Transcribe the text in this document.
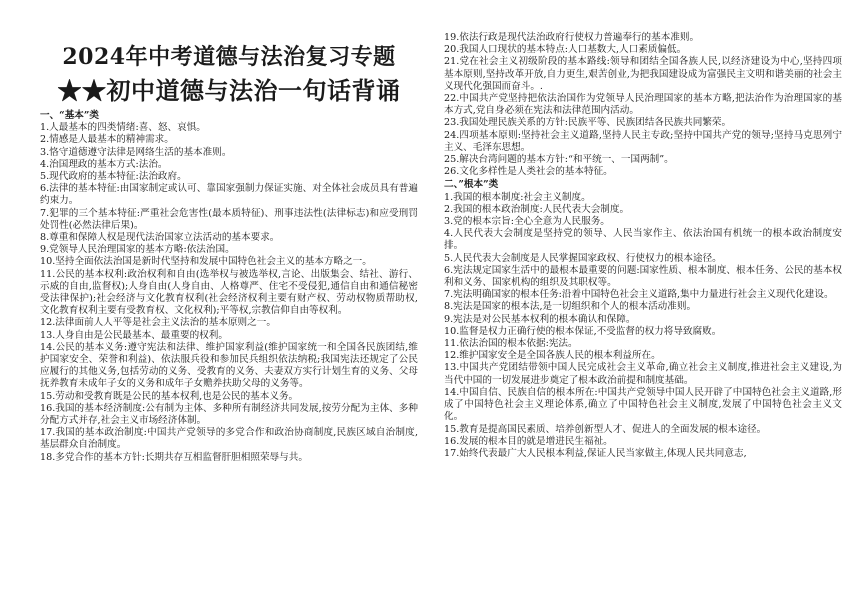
2024年中考道德与法治复习专题
★★初中道德与法治一句话背诵

一、“基本”类

1.人最基本的四类情绪:喜、怒、哀惧。

2.情感是人最基本的精神需求。

3.恪守道德遵守法律是网络生活的基本准则。

4.治国理政的基本方式:法治。

5.现代政府的基本特征:法治政府。

6.法律的基本特征:由国家制定或认可、靠国家强制力保证实施、对全体社会成员具有普遍约束力。

7.犯罪的三个基本特征:严重社会危害性(最本质特征)、刑事违法性(法律标志)和应受刑罚处罚性(必然法律后果)。

8.尊重和保障人权是现代法治国家立法活动的基本要求。

9.党领导人民治理国家的基本方略:依法治国。

10.坚持全面依法治国是新时代坚持和发展中国特色社会主义的基本方略之一。

11.公民的基本权利:政治权利和自由(选举权与被选举权,言论、出版集会、结社、游行、示威的自由,监督权);人身自由(人身自由、人格尊严、住宅不受侵犯,通信自由和通信秘密受法律保护);社会经济与文化教育权利(社会经济权利主要有财产权、劳动权物质帮助权,文化教育权利主要有受教育权、文化权利);平等权,宗教信仰自由等权利。

12.法律面前人人平等是社会主义法治的基本原则之一。

13.人身自由是公民最基本、最重要的权利。

14.公民的基本义务:遵守宪法和法律、维护国家利益(维护国家统一和全国各民族团结,维护国家安全、荣誉和利益)、依法服兵役和参加民兵组织依法纳税;我国宪法还规定了公民应履行的其他义务,包括劳动的义务、受教育的义务、夫妻双方实行计划生育的义务、父母抚养教育未成年子女的义务和成年子女赡养扶助父母的义务等。

15.劳动和受教育既是公民的基本权利,也是公民的基本义务。

16.我国的基本经济制度:公有制为主体、多种所有制经济共同发展,按劳分配为主体、多种分配方式并存,社会主义市场经济体制。

17.我国的基本政治制度:中国共产党领导的多党合作和政治协商制度,民族区域自治制度,基层群众自治制度。

18.多党合作的基本方针:长期共存互相监督肝胆相照荣辱与共。

19.依法行政是现代法治政府行使权力普遍奉行的基本准则。

20.我国人口现状的基本特点:人口基数大,人口素质偏低。

21.党在社会主义初级阶段的基本路线:领导和团结全国各族人民,以经济建设为中心,坚持四项基本原则,坚持改革开放,自力更生,艰苦创业,为把我国建设成为富强民主文明和谐美丽的社会主义现代化强国而奋斗。.

22.中国共产党坚持把依法治国作为党领导人民治理国家的基本方略,把法治作为治理国家的基本方式,党自身必须在宪法和法律范围内活动。

23.我国处理民族关系的方针:民族平等、民族团结各民族共同繁荣。

24.四项基本原则:坚持社会主义道路,坚持人民主专政;坚持中国共产党的领导;坚持马克思列宁主义、毛泽东思想。

25.解决台湾问题的基本方针:“和平统一、一国两制”。

26.文化多样性是人类社会的基本特征。

二、”根本”类

1.我国的根本制度:社会主义制度。

2.我国的根本政治制度:人民代表大会制度。

3.党的根本宗旨:全心全意为人民服务。

4.人民代表大会制度是坚持党的领导、人民当家作主、依法治国有机统一的根本政治制度安排。

5.人民代表大会制度是人民掌握国家政权、行使权力的根本途径。

6.宪法规定国家生活中的最根本最重要的问题:国家性质、根本制度、根本任务、公民的基本权利和义务、国家机构的组织及其职权等。

7.宪法明确国家的根本任务:沿着中国特色社会主义道路,集中力量进行社会主义现代化建设。

8.宪法是国家的根本法,是一切组织和个人的根本活动准则。

9.宪法是对公民基本权利的根本确认和保障。

10.监督是权力正确行使的根本保证,不受监督的权力将导致腐败。

11.依法治国的根本依据:宪法。

12.维护国家安全是全国各族人民的根本利益所在。

13.中国共产党团结带领中国人民完成社会主义革命,确立社会主义制度,推进社会主义建设,为当代中国的一切发展进步奠定了根本政治前提和制度基础。

14.中国自信、民族自信的根本所在:中国共产党领导中国人民开辟了中国特色社会主义道路,形成了中国特色社会主义理论体系,确立了中国特色社会主义制度,发展了中国特色社会主义文化。

15.教育是提高国民素质、培养创新型人才、促进人的全面发展的根本途径。

16.发展的根本目的就是增进民生福祉。

17.始终代表最广大人民根本利益,保证人民当家做主,体现人民共同意志,
